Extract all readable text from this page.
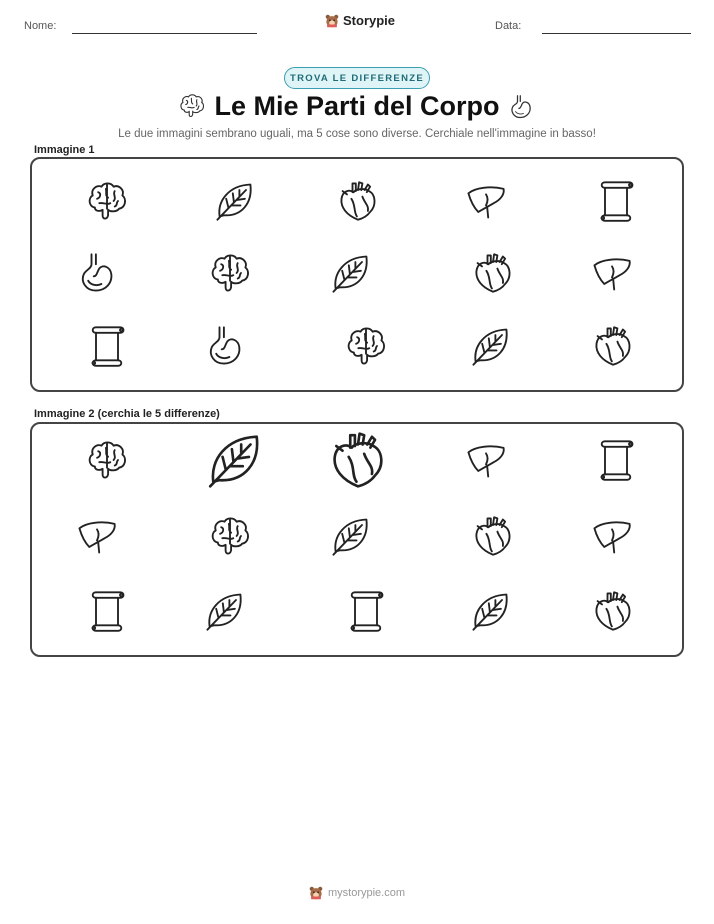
Nome:	Storypie	Data:
TROVA LE DIFFERENZE
Le Mie Parti del Corpo
Le due immagini sembrano uguali, ma 5 cose sono diverse. Cerchiale nell'immagine in basso!
Immagine 1
Immagine 2 (cerchia le 5 differenze)
mystorypie.com
